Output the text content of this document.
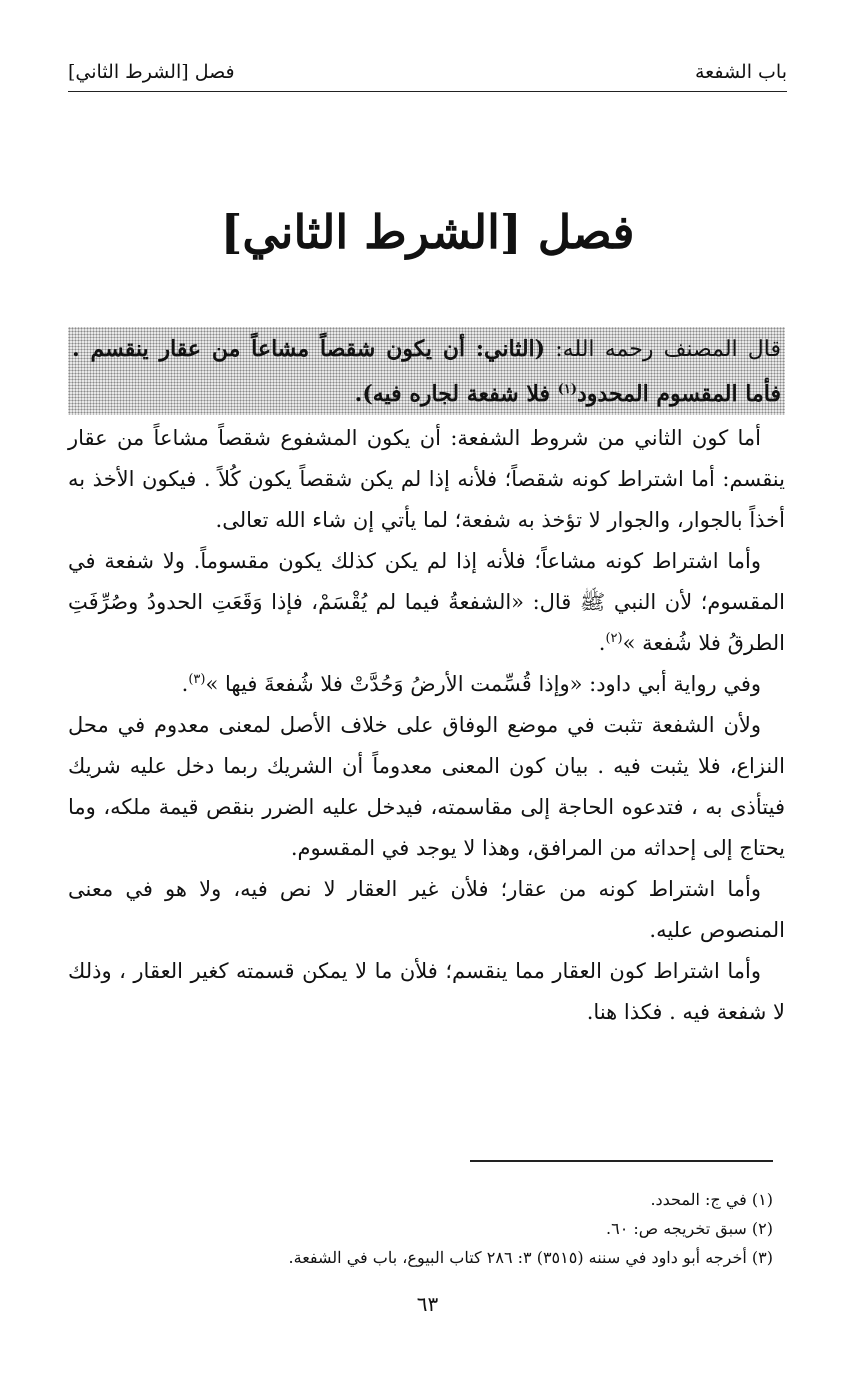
باب الشفعة
فصل [الشرط الثاني]
فصل [الشرط الثاني]
قال المصنف رحمه الله: (الثاني: أن يكون شقصاً مشاعاً من عقار ينقسم . فأما المقسوم المحدود$^{(١)}$ فلا شفعة لجاره فيه).

أما كون الثاني من شروط الشفعة: أن يكون المشفوع شقصاً مشاعاً من عقار ينقسم: أما اشتراط كونه شقصاً؛ فلأنه إذا لم يكن شقصاً يكون كُلاً . فيكون الأخذ به أخذاً بالجوار، والجوار لا تؤخذ به شفعة؛ لما يأتي إن شاء الله تعالى.

وأما اشتراط كونه مشاعاً؛ فلأنه إذا لم يكن كذلك يكون مقسوماً. ولا شفعة في المقسوم؛ لأن النبي ﷺ قال: «الشفعةُ فيما لم يُقْسَمْ، فإذا وَقَعَتِ الحدودُ وصُرِّفَتِ الطرقُ فلا شُفعة »$^{(٢)}$.

وفي رواية أبي داود: «وإذا قُسِّمت الأرضُ وَحُدَّتْ فلا شُفعةَ فيها »$^{(٣)}$.

ولأن الشفعة تثبت في موضع الوفاق على خلاف الأصل لمعنى معدوم في محل النزاع، فلا يثبت فيه . بيان كون المعنى معدوماً أن الشريك ربما دخل عليه شريك فيتأذى به ، فتدعوه الحاجة إلى مقاسمته، فيدخل عليه الضرر بنقص قيمة ملكه، وما يحتاج إلى إحداثه من المرافق، وهذا لا يوجد في المقسوم.

وأما اشتراط كونه من عقار؛ فلأن غير العقار لا نص فيه، ولا هو في معنى المنصوص عليه.

وأما اشتراط كون العقار مما ينقسم؛ فلأن ما لا يمكن قسمته كغير العقار ، وذلك لا شفعة فيه . فكذا هنا.

(١) في ج: المحدد.
(٢) سبق تخريجه ص: ٦٠.
(٣) أخرجه أبو داود في سننه (٣٥١٥) ٣: ٢٨٦ كتاب البيوع، باب في الشفعة.
٦٣
